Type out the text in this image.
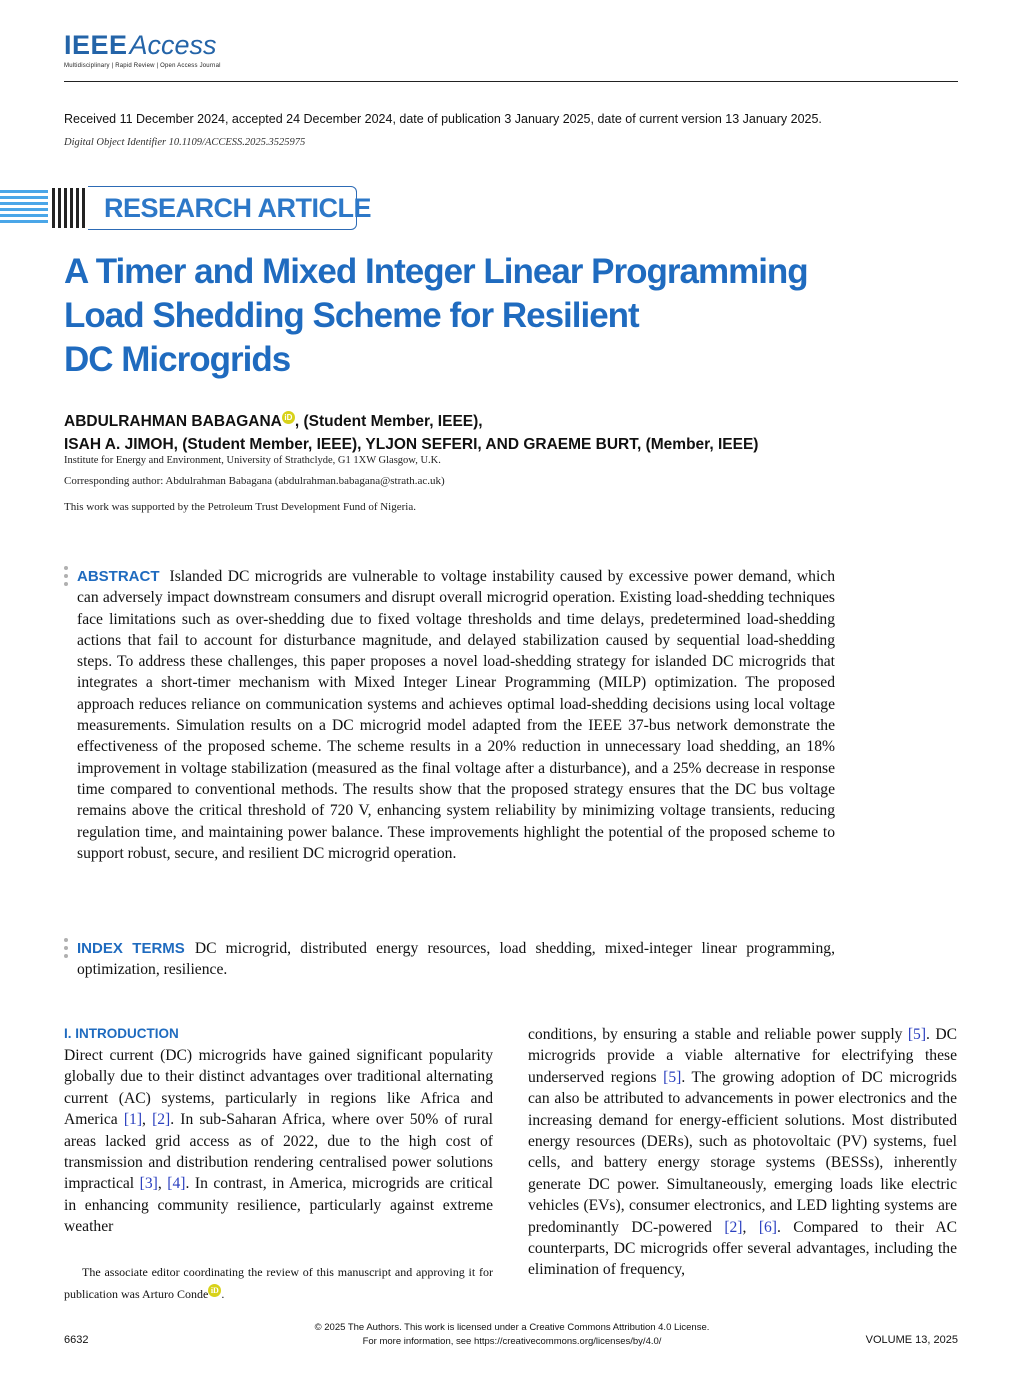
IEEEAccess
Multidisciplinary | Rapid Review | Open Access Journal
Received 11 December 2024, accepted 24 December 2024, date of publication 3 January 2025, date of current version 13 January 2025.
Digital Object Identifier 10.1109/ACCESS.2025.3525975
RESEARCH ARTICLE
A Timer and Mixed Integer Linear Programming
Load Shedding Scheme for Resilient
DC Microgrids
ABDULRAHMAN BABAGANA iD , (Student Member, IEEE),
ISAH A. JIMOH, (Student Member, IEEE), YLJON SEFERI, AND GRAEME BURT, (Member, IEEE)
Institute for Energy and Environment, University of Strathclyde, G1 1XW Glasgow, U.K.
Corresponding author: Abdulrahman Babagana (abdulrahman.babagana@strath.ac.uk)
This work was supported by the Petroleum Trust Development Fund of Nigeria.
ABSTRACT Islanded DC microgrids are vulnerable to voltage instability caused by excessive power demand, which can adversely impact downstream consumers and disrupt overall microgrid operation. Existing load-shedding techniques face limitations such as over-shedding due to fixed voltage thresholds and time delays, predetermined load-shedding actions that fail to account for disturbance magnitude, and delayed stabilization caused by sequential load-shedding steps. To address these challenges, this paper proposes a novel load-shedding strategy for islanded DC microgrids that integrates a short-timer mechanism with Mixed Integer Linear Programming (MILP) optimization. The proposed approach reduces reliance on communication systems and achieves optimal load-shedding decisions using local voltage measurements. Simulation results on a DC microgrid model adapted from the IEEE 37-bus network demonstrate the effectiveness of the proposed scheme. The scheme results in a 20% reduction in unnecessary load shedding, an 18% improvement in voltage stabilization (measured as the final voltage after a disturbance), and a 25% decrease in response time compared to conventional methods. The results show that the proposed strategy ensures that the DC bus voltage remains above the critical threshold of 720 V, enhancing system reliability by minimizing voltage transients, reducing regulation time, and maintaining power balance. These improvements highlight the potential of the proposed scheme to support robust, secure, and resilient DC microgrid operation.
INDEX TERMS DC microgrid, distributed energy resources, load shedding, mixed-integer linear programming, optimization, resilience.
I. INTRODUCTION
Direct current (DC) microgrids have gained significant popularity globally due to their distinct advantages over traditional alternating current (AC) systems, particularly in regions like Africa and America [1], [2]. In sub-Saharan Africa, where over 50% of rural areas lacked grid access as of 2022, due to the high cost of transmission and distribution rendering centralised power solutions impractical [3], [4]. In contrast, in America, microgrids are critical in enhancing community resilience, particularly against extreme weather
conditions, by ensuring a stable and reliable power supply [5]. DC microgrids provide a viable alternative for electrifying these underserved regions [5]. The growing adoption of DC microgrids can also be attributed to advancements in power electronics and the increasing demand for energy-efficient solutions. Most distributed energy resources (DERs), such as photovoltaic (PV) systems, fuel cells, and battery energy storage systems (BESSs), inherently generate DC power. Simultaneously, emerging loads like electric vehicles (EVs), consumer electronics, and LED lighting systems are predominantly DC-powered [2], [6]. Compared to their AC counterparts, DC microgrids offer several advantages, including the elimination of frequency,
The associate editor coordinating the review of this manuscript and approving it for publication was Arturo Conde iD .
© 2025 The Authors. This work is licensed under a Creative Commons Attribution 4.0 License.
For more information, see https://creativecommons.org/licenses/by/4.0/
6632	VOLUME 13, 2025
